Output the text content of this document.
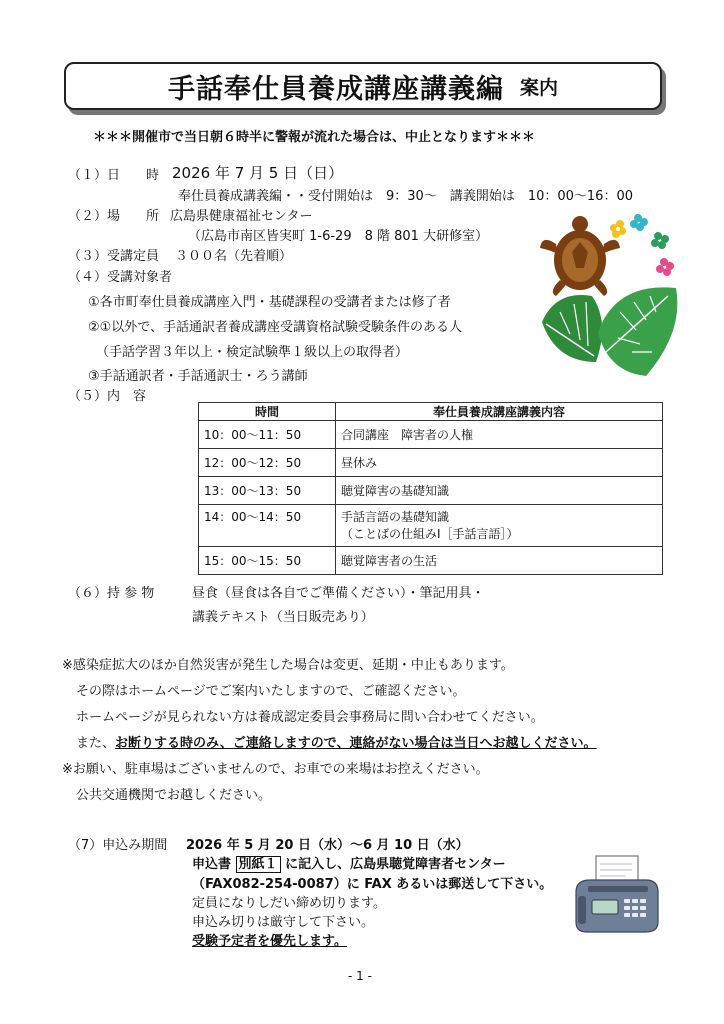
手話奉仕員養成講座講義編 案内
＊＊＊開催市で当日朝６時半に警報が流れた場合は、中止となります＊＊＊
（１）日　　時 2026 年 7 月 5 日（日）
奉仕員養成講義編・・受付開始は　9：30～　講義開始は　10：00～16：00
（２）場　　所 広島県健康福祉センター
（広島市南区皆実町 1-6-29　8 階 801 大研修室）
（３）受講定員 ３００名（先着順）
（４）受講対象者
①各市町奉仕員養成講座入門・基礎課程の受講者または修了者
②①以外で、手話通訳者養成講座受講資格試験受験条件のある人
（手話学習３年以上・検定試験準１級以上の取得者）
③手話通訳者・手話通訳士・ろう講師
（５）内　容
時間	奉仕員養成講座講義内容
10：00～11：50	合同講座　障害者の人権
12：00～12：50	昼休み
13：00～13：50	聴覚障害の基礎知識
14：00～14：50	手話言語の基礎知識
（ことばの仕組みⅠ［手話言語］）

15：00～15：50	聴覚障害者の生活
（６）持 参 物	昼食（昼食は各自でご準備ください）・筆記用具・
講義テキスト（当日販売あり）
※感染症拡大のほか自然災害が発生した場合は変更、延期・中止もあります。
その際はホームページでご案内いたしますので、ご確認ください。
ホームページが見られない方は養成認定委員会事務局に問い合わせてください。
また、お断りする時のみ、ご連絡しますので、連絡がない場合は当日へお越しください。
※お願い、駐車場はございませんので、お車での来場はお控えください。
公共交通機関でお越しください。
（7）申込み期間 2026 年 5 月 20 日（水）～6 月 10 日（水）
申込書 別紙１ に記入し、広島県聴覚障害者センター
（FAX082-254-0087）に FAX あるいは郵送して下さい。
定員になりしだい締め切ります。
申込み切りは厳守して下さい。
受験予定者を優先します。
- 1 -
